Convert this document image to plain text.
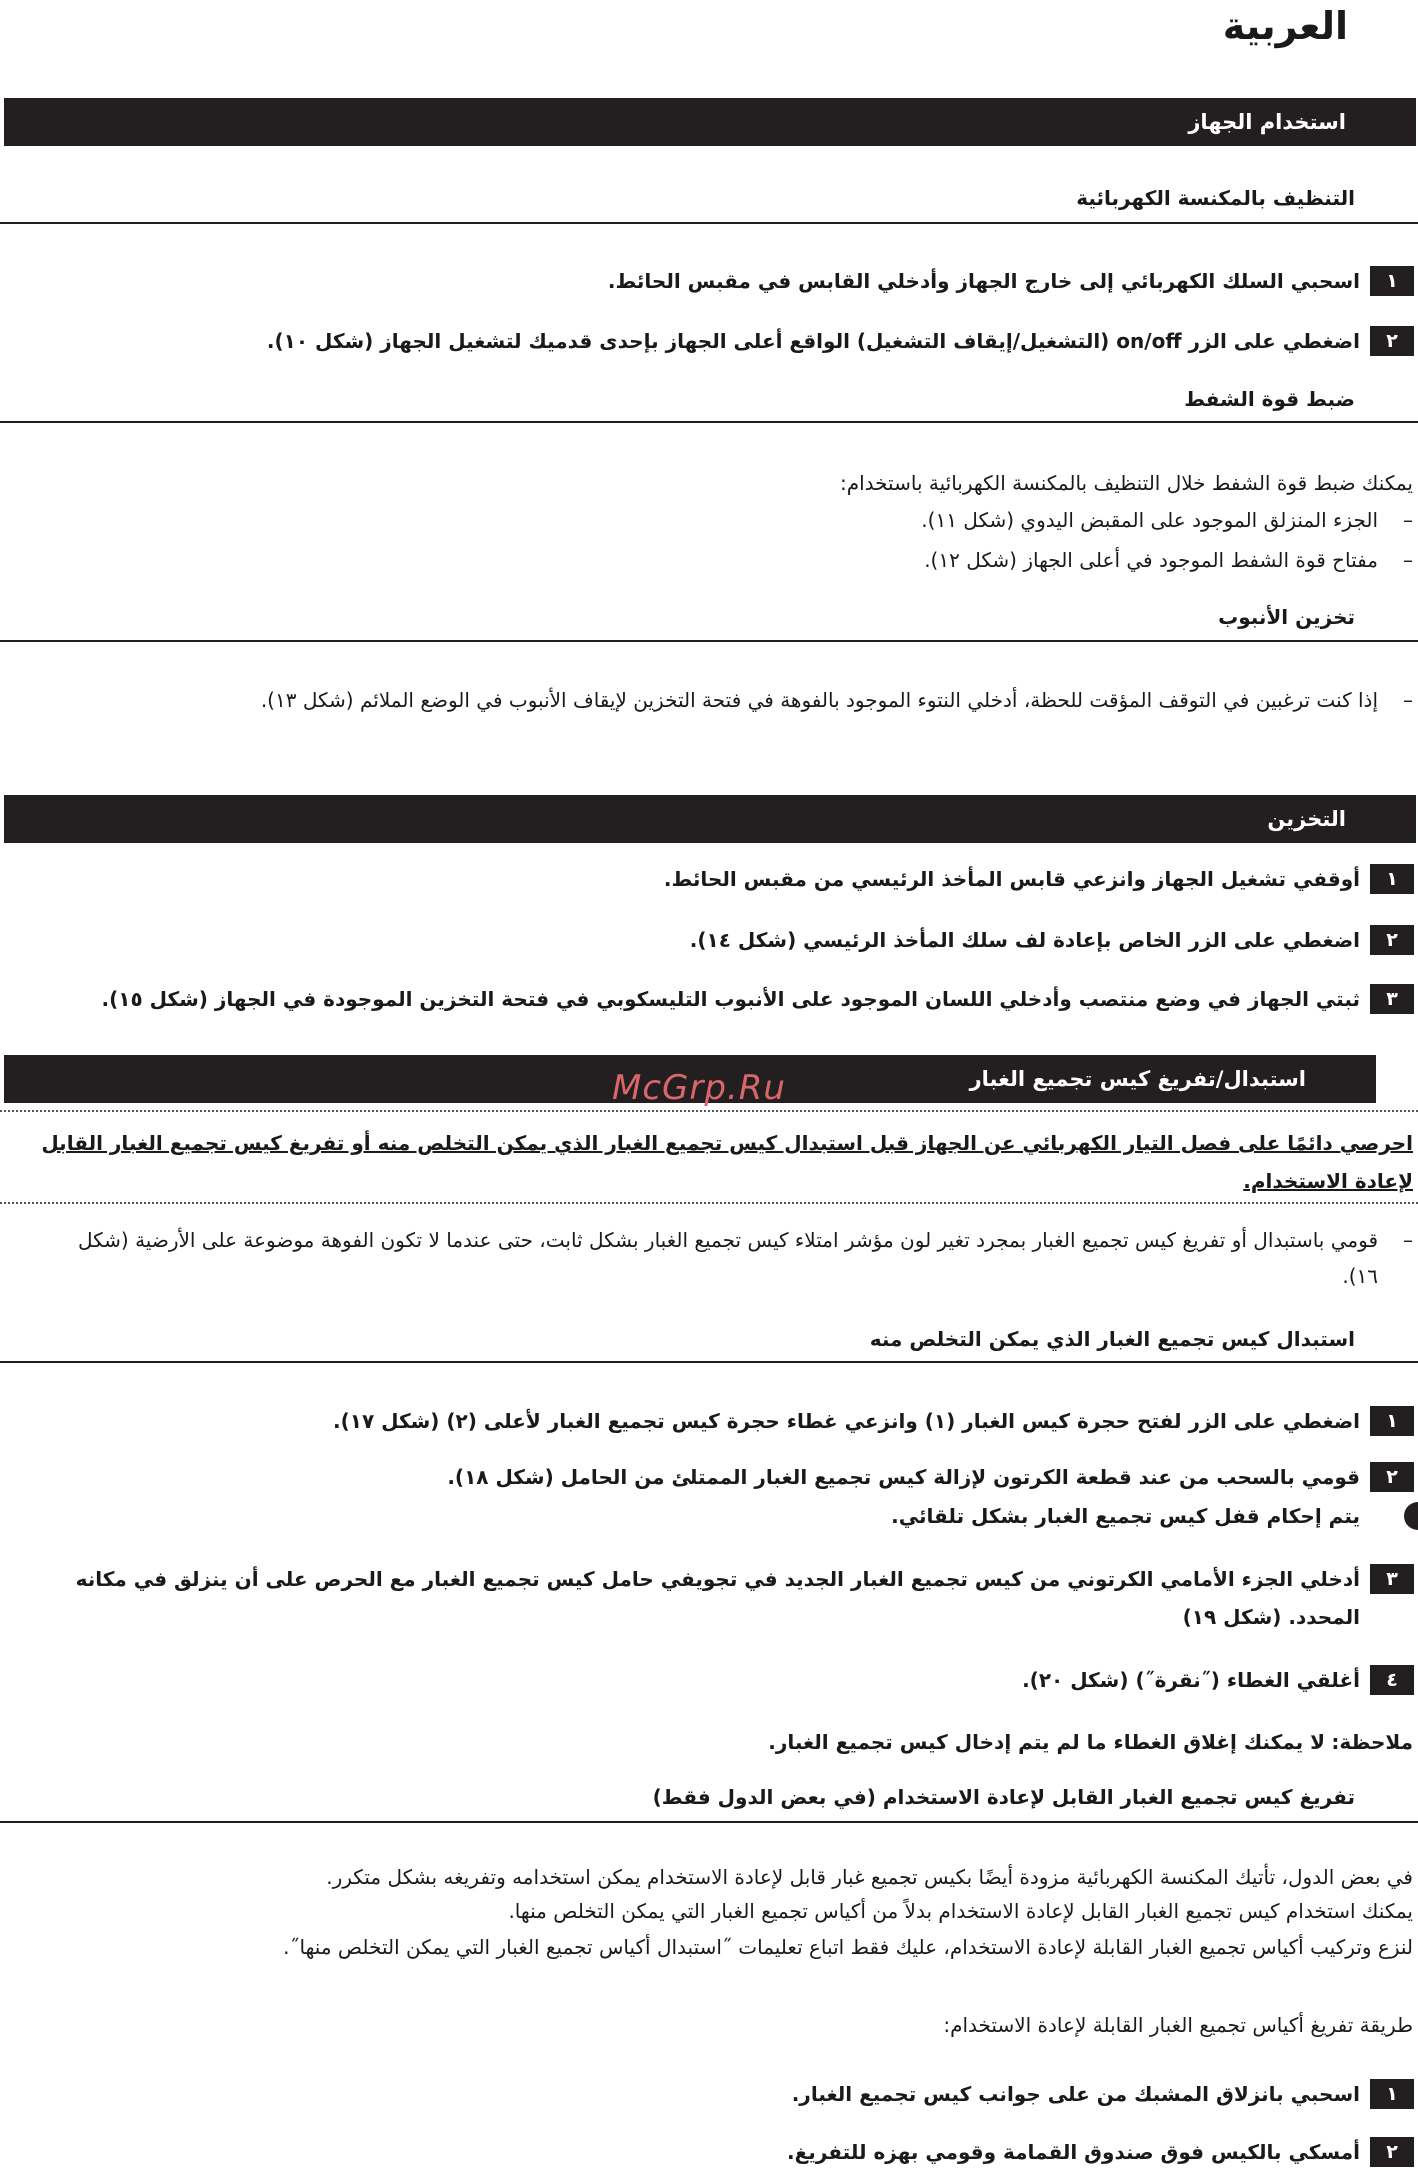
العربية
استخدام الجهاز
التنظيف بالمكنسة الكهربائية
١
اسحبي السلك الكهربائي إلى خارج الجهاز وأدخلي القابس في مقبس الحائط.
٢
اضغطي على الزر on/off (التشغيل/إيقاف التشغيل) الواقع أعلى الجهاز بإحدى قدميك لتشغيل الجهاز (شكل ١٠).
ضبط قوة الشفط
يمكنك ضبط قوة الشفط خلال التنظيف بالمكنسة الكهربائية باستخدام:
–
الجزء المنزلق الموجود على المقبض اليدوي (شكل ١١).
–
مفتاح قوة الشفط الموجود في أعلى الجهاز (شكل ١٢).
تخزين الأنبوب
–
إذا كنت ترغبين في التوقف المؤقت للحظة، أدخلي النتوء الموجود بالفوهة في فتحة التخزين لإيقاف الأنبوب في الوضع الملائم (شكل ١٣).
التخزين
١
أوقفي تشغيل الجهاز وانزعي قابس المأخذ الرئيسي من مقبس الحائط.
٢
اضغطي على الزر الخاص بإعادة لف سلك المأخذ الرئيسي (شكل ١٤).
٣
ثبتي الجهاز في وضع منتصب وأدخلي اللسان الموجود على الأنبوب التليسكوبي في فتحة التخزين الموجودة في الجهاز (شكل ١٥).
استبدال/تفريغ كيس تجميع الغبار
McGrp.Ru
احرصي دائمًا على فصل التيار الكهربائي عن الجهاز قبل استبدال كيس تجميع الغبار الذي يمكن التخلص منه أو تفريغ كيس تجميع الغبار القابل لإعادة الاستخدام.
–
قومي باستبدال أو تفريغ كيس تجميع الغبار بمجرد تغير لون مؤشر امتلاء كيس تجميع الغبار بشكل ثابت، حتى عندما لا تكون الفوهة موضوعة على الأرضية (شكل ١٦).
استبدال كيس تجميع الغبار الذي يمكن التخلص منه
١
اضغطي على الزر لفتح حجرة كيس الغبار (١) وانزعي غطاء حجرة كيس تجميع الغبار لأعلى (٢) (شكل ١٧).
٢
قومي بالسحب من عند قطعة الكرتون لإزالة كيس تجميع الغبار الممتلئ من الحامل (شكل ١٨).
يتم إحكام قفل كيس تجميع الغبار بشكل تلقائي.
٣
أدخلي الجزء الأمامي الكرتوني من كيس تجميع الغبار الجديد في تجويفي حامل كيس تجميع الغبار مع الحرص على أن ينزلق في مكانه المحدد. (شكل ١٩)
٤
أغلقي الغطاء (˝نقرة˝) (شكل ٢٠).
ملاحظة: لا يمكنك إغلاق الغطاء ما لم يتم إدخال كيس تجميع الغبار.
تفريغ كيس تجميع الغبار القابل لإعادة الاستخدام (في بعض الدول فقط)
في بعض الدول، تأتيك المكنسة الكهربائية مزودة أيضًا بكيس تجميع غبار قابل لإعادة الاستخدام يمكن استخدامه وتفريغه بشكل متكرر.
يمكنك استخدام كيس تجميع الغبار القابل لإعادة الاستخدام بدلاً من أكياس تجميع الغبار التي يمكن التخلص منها.
لنزع وتركيب أكياس تجميع الغبار القابلة لإعادة الاستخدام، عليك فقط اتباع تعليمات ˝استبدال أكياس تجميع الغبار التي يمكن التخلص منها˝.
طريقة تفريغ أكياس تجميع الغبار القابلة لإعادة الاستخدام:
١
اسحبي بانزلاق المشبك من على جوانب كيس تجميع الغبار.
٢
أمسكي بالكيس فوق صندوق القمامة وقومي بهزه للتفريغ.
